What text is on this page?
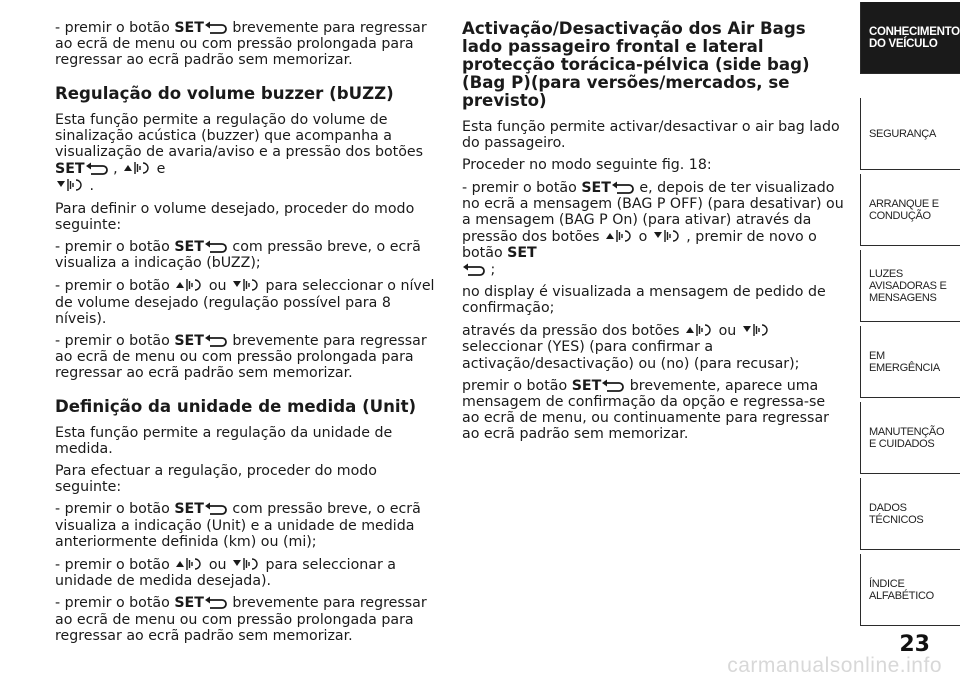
- premir o botão SET
brevemente para regressar ao ecrã de menu ou com pressão prolongada para regressar ao ecrã padrão sem memorizar.

Regulação do volume buzzer (bUZZ)

Esta função permite a regulação do volume de sinalização acústica (buzzer) que acompanha a visualização de avaria/aviso e a pressão dos botões SET
,
e

.

Para definir o volume desejado, proceder do modo seguinte:

- premir o botão SET
com pressão breve, o ecrã visualiza a indicação (bUZZ);

- premir o botão
ou
para seleccionar o nível de volume desejado (regulação possível para 8 níveis).

- premir o botão SET
brevemente para regressar ao ecrã de menu ou com pressão prolongada para regressar ao ecrã padrão sem memorizar.

Definição da unidade de medida (Unit)

Esta função permite a regulação da unidade de medida.

Para efectuar a regulação, proceder do modo seguinte:

- premir o botão SET
com pressão breve, o ecrã visualiza a indicação (Unit) e a unidade de medida anteriormente definida (km) ou (mi);

- premir o botão
ou
para seleccionar a unidade de medida desejada).

- premir o botão SET
brevemente para regressar ao ecrã de menu ou com pressão prolongada para regressar ao ecrã padrão sem memorizar.

Activação/Desactivação dos Air Bags lado passageiro frontal e lateral protecção torácica-pélvica (side bag) (Bag P)(para versões/mercados, se previsto)

Esta função permite activar/desactivar o air bag lado do passageiro.

Proceder no modo seguinte fig. 18:

- premir o botão SET
e, depois de ter visualizado no ecrã a mensagem (BAG P OFF) (para desativar) ou a mensagem (BAG P On) (para ativar) através da pressão dos botões
o
, premir de novo o botão SET

;

no display é visualizada a mensagem de pedido de confirmação;

através da pressão dos botões
ou
seleccionar (YES) (para confirmar a activação/desactivação) ou (no) (para recusar);

premir o botão SET
brevemente, aparece uma mensagem de confirmação da opção e regressa-se ao ecrã de menu, ou continuamente para regressar ao ecrã padrão sem memorizar.

CONHECIMENTO DO VEÍCULO
SEGURANÇA
ARRANQUE E CONDUÇÃO
LUZES AVISADORAS E MENSAGENS
EM EMERGÊNCIA
MANUTENÇÃO E CUIDADOS
DADOS TÉCNICOS
ÍNDICE ALFABÉTICO
23
carmanualsonline.info
